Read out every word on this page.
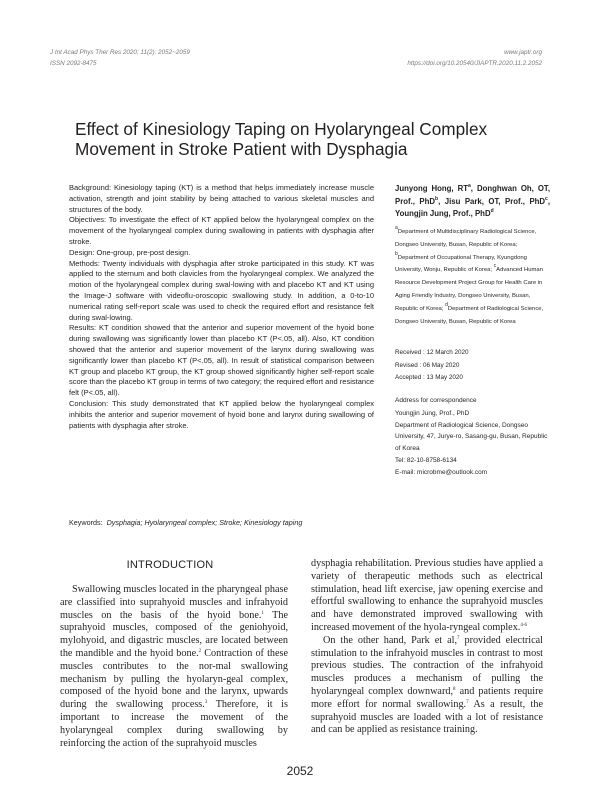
J Int Acad Phys Ther Res 2020; 11(2): 2052~2059
ISSN 2092-8475
www.japtr.org
https://doi.org/10.20540/JIAPTR.2020.11.2.2052
Effect of Kinesiology Taping on Hyolaryngeal Complex Movement in Stroke Patient with Dysphagia

Background: Kinesiology taping (KT) is a method that helps immediately increase muscle activation, strength and joint stability by being attached to various skeletal muscles and structures of the body.

Objectives: To investigate the effect of KT applied below the hyolaryngeal complex on the movement of the hyolaryngeal complex during swallowing in patients with dysphagia after stroke.

Design: One-group, pre-post design.

Methods: Twenty individuals with dysphagia after stroke participated in this study. KT was applied to the sternum and both clavicles from the hyolaryngeal complex. We analyzed the motion of the hyolaryngeal complex during swal-lowing with and placebo KT and KT using the Image-J software with videoflu-oroscopic swallowing study. In addition, a 0-to-10 numerical rating self-report scale was used to check the required effort and resistance felt during swal-lowing.

Results: KT condition showed that the anterior and superior movement of the hyoid bone during swallowing was significantly lower than placebo KT (P<.05, all). Also, KT condition showed that the anterior and superior movement of the larynx during swallowing was significantly lower than placebo KT (P<.05, all). In result of statistical comparison between KT group and placebo KT group, the KT group showed significantly higher self-report scale score than the placebo KT group in terms of two category; the required effort and resistance felt (P<.05, all).

Conclusion: This study demonstrated that KT applied below the hyolaryngeal complex inhibits the anterior and superior movement of hyoid bone and larynx during swallowing of patients with dysphagia after stroke.

Junyong Hong, $RT^a$, Donghwan Oh, OT, Prof., PhD$^b$, Jisu Park, OT, Prof., PhD$^c$, Youngjin Jung, Prof., PhD$^d$

$^a$Department of Multidisciplinary Radiological Science, Dongseo University, Busan, Republic of Korea; $^b$Department of Occupational Therapy, Kyungdong University, Wonju, Republic of Korea; $^c$Advanced Human Resource Development Project Group for Health Care in Aging Friendly Industry, Dongseo University, Busan, Republic of Korea; $^d$Department of Radiological Science, Dongseo University, Busan, Republic of Korea

Received : 12 March 2020

Revised : 06 May 2020

Accepted : 13 May 2020

Address for correspondence

Youngjin Jung, Prof., PhD

Department of Radiological Science, Dongseo University, 47, Jurye-ro, Sasang-gu, Busan, Republic of Korea

Tel: 82-10-8758-6134

E-mail: microbme@outlook.com

Keywords: Dysphagia; Hyolaryngeal complex; Stroke; Kinesiology taping
INTRODUCTION

Swallowing muscles located in the pharyngeal phase are classified into suprahyoid muscles and infrahyoid muscles on the basis of the hyoid bone.$^1$ The suprahyoid muscles, composed of the geniohyoid, mylohyoid, and digastric muscles, are located between the mandible and the hyoid bone.$^2$ Contraction of these muscles contributes to the nor-mal swallowing mechanism by pulling the hyolaryn-geal complex, composed of the hyoid bone and the larynx, upwards during the swallowing process.$^3$ Therefore, it is important to increase the movement of the hyolaryngeal complex during swallowing by reinforcing the action of the suprahyoid muscles

dysphagia rehabilitation. Previous studies have applied a variety of therapeutic methods such as electrical stimulation, head lift exercise, jaw opening exercise and effortful swallowing to enhance the suprahyoid muscles and have demonstrated improved swallowing with increased movement of the hyola-ryngeal complex.$^{4-6}$

On the other hand, Park et al,$^7$ provided electrical stimulation to the infrahyoid muscles in contrast to most previous studies. The contraction of the infrahyoid muscles produces a mechanism of pulling the hyolaryngeal complex downward,$^8$ and patients require more effort for normal swallowing.$^7$ As a result, the suprahyoid muscles are loaded with a lot of resistance and can be applied as resistance training.

2052
